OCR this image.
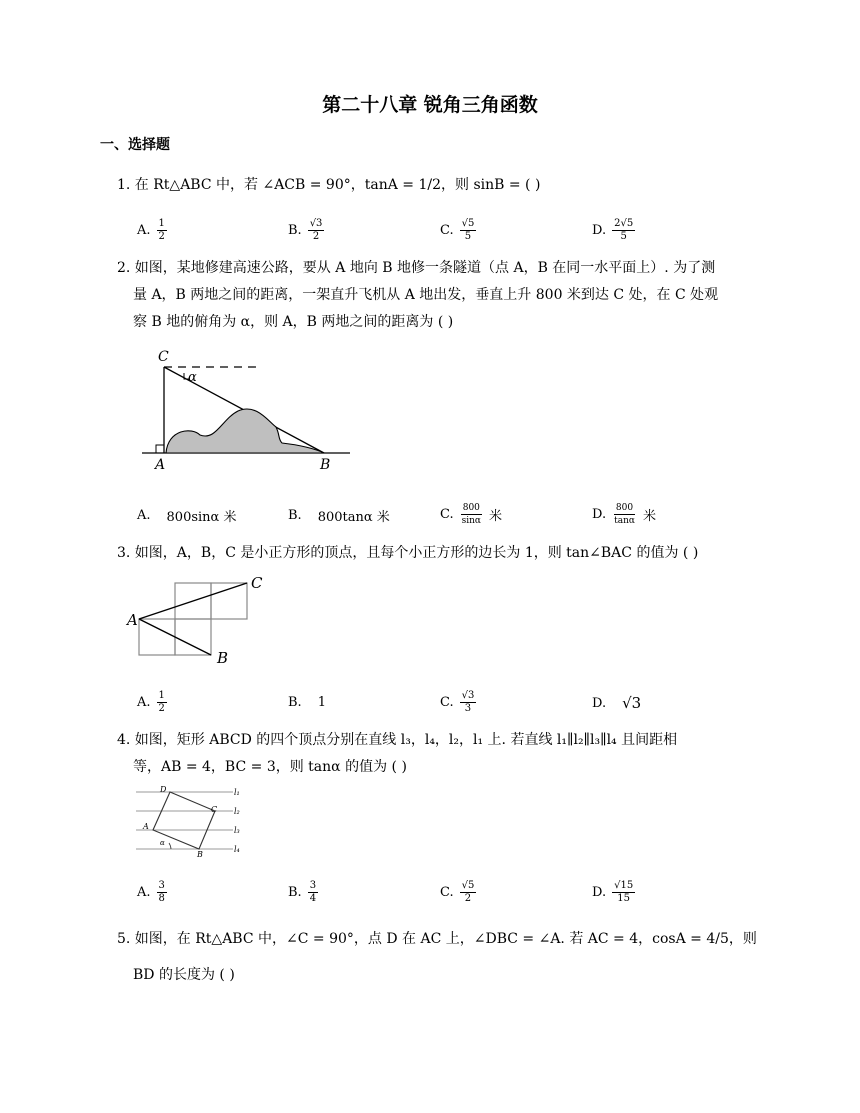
第二十八章 锐角三角函数
一、选择题
1. 在 Rt△ABC 中，若 ∠ACB = 90°，tanA = 1/2，则 sinB = ( )
A. $\frac{1}{2}$	B. $\frac{√3}{2}$	C. $\frac{√5}{5}$	D. $\frac{2√5}{5}$
2. 如图，某地修建高速公路，要从 A 地向 B 地修一条隧道（点 A，B 在同一水平面上）. 为了测
量 A，B 两地之间的距离，一架直升飞机从 A 地出发，垂直上升 800 米到达 C 处，在 C 处观
察 B 地的俯角为 α，则 A，B 两地之间的距离为 ( )
C
α
A	B
A. 800sinα 米	B. 800tanα 米	C. $\frac{800}{\sin\alpha}$ 米	D. $\frac{800}{\tan\alpha}$ 米
3. 如图，A，B，C 是小正方形的顶点，且每个小正方形的边长为 1，则 tan∠BAC 的值为 ( )
A
B
C
A. $\frac{1}{2}$	B. 1	C. $\frac{√3}{3}$	D. √3
4. 如图，矩形 ABCD 的四个顶点分别在直线 l₃，l₄，l₂，l₁ 上. 若直线 l₁∥l₂∥l₃∥l₄ 且间距相
等，AB = 4，BC = 3，则 tanα 的值为 ( )
D
C
A
B
α
l₁
l₂
l₃
l₄
A. $\frac{3}{8}$	B. $\frac{3}{4}$	C. $\frac{√5}{2}$	D. $\frac{√15}{15}$
5. 如图，在 Rt△ABC 中，∠C = 90°，点 D 在 AC 上，∠DBC = ∠A. 若 AC = 4，cosA = 4/5，则
BD 的长度为 ( )
